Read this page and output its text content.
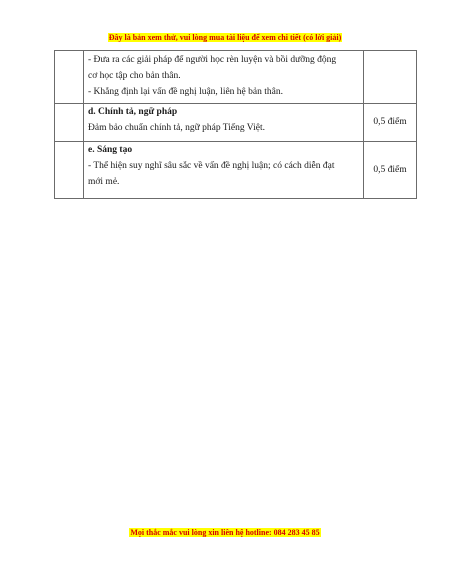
Đây là bản xem thử, vui lòng mua tài liệu để xem chi tiết (có lời giải)

	- Đưa ra các giải pháp để người học rèn luyện và bồi dưỡng động
cơ học tập cho bản thân.
- Khẳng định lại vấn đề nghị luận, liên hệ bản thân.	

	d. Chính tả, ngữ pháp
Đảm bảo chuẩn chính tả, ngữ pháp Tiếng Việt.	0,5 điểm

	e. Sáng tạo
- Thể hiện suy nghĩ sâu sắc về vấn đề nghị luận; có cách diễn đạt
mới mẻ.	0,5 điểm
Mọi thắc mắc vui lòng xin liên hệ hotline: 084 283 45 85
